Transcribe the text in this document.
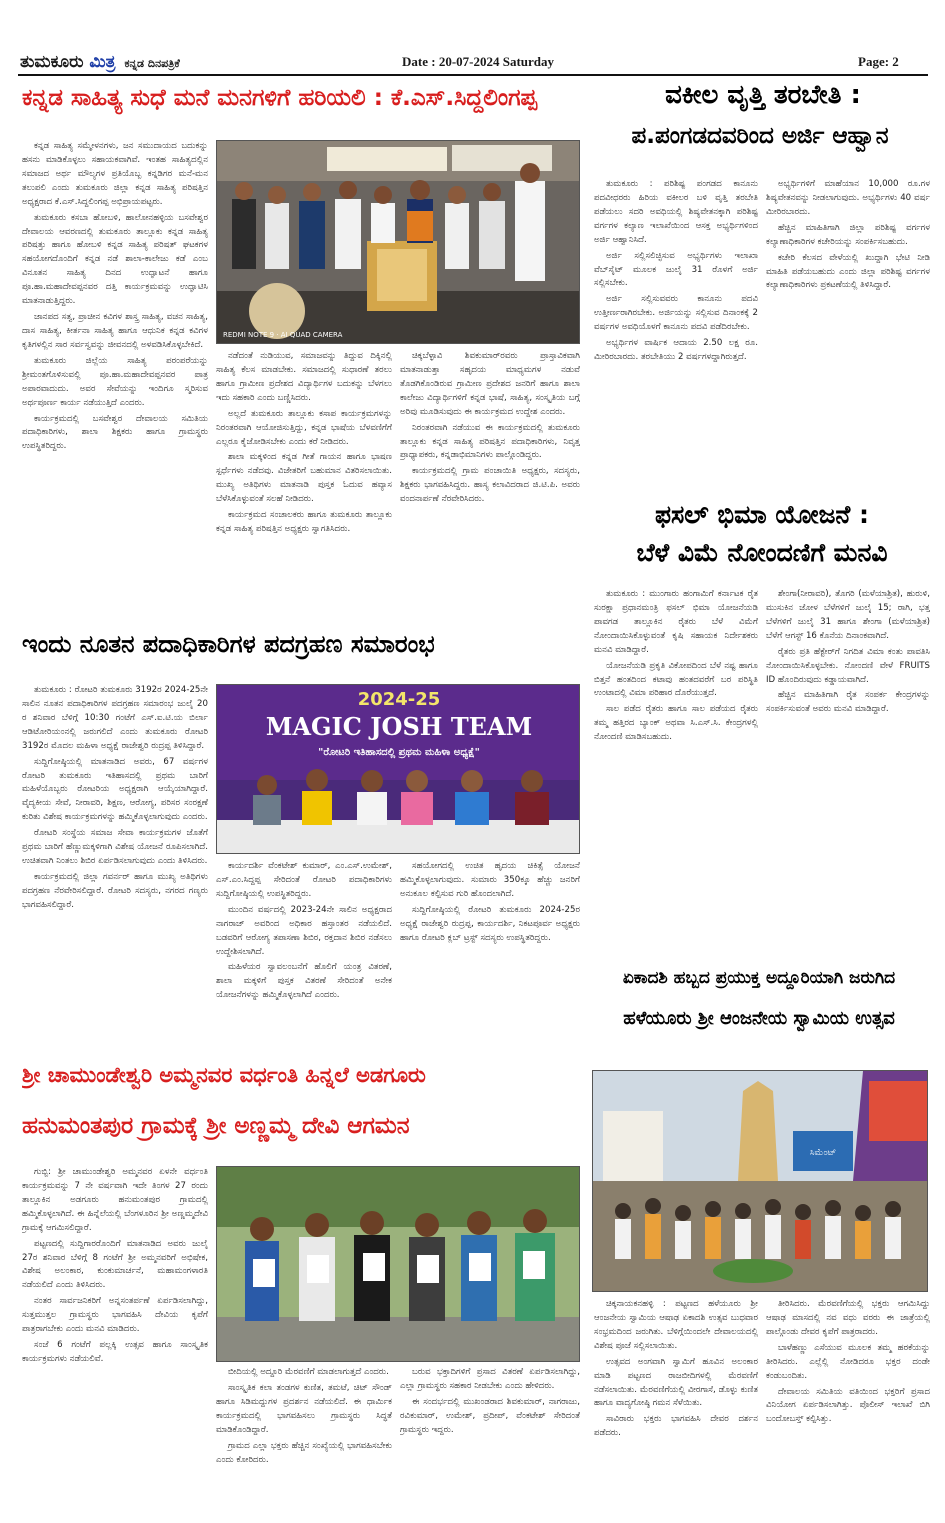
ತುಮಕೂರು ಮಿತ್ರ ಕನ್ನಡ ದಿನಪತ್ರಿಕೆ	Date : 20-07-2024 Saturday	Page: 2
ಕನ್ನಡ ಸಾಹಿತ್ಯ ಸುಧೆ ಮನೆ ಮನಗಳಿಗೆ ಹರಿಯಲಿ : ಕೆ.ಎಸ್.ಸಿದ್ದಲಿಂಗಪ್ಪ

ಕನ್ನಡ ಸಾಹಿತ್ಯ ಸಮ್ಮೇಳನಗಳು, ಜನ ಸಮುದಾಯದ ಬದುಕನ್ನು ಹಸನು ಮಾಡಿಕೊಳ್ಳಲು ಸಹಾಯಕವಾಗಿವೆ. ಇಂತಹ ಸಾಹಿತ್ಯದಲ್ಲಿನ ಸಮಾಜದ ಅರ್ಥ ಮೌಲ್ಯಗಳ ಪ್ರತಿಯೊಬ್ಬ ಕನ್ನಡಿಗರ ಮನೆ-ಮನ ತಲುಪಲಿ ಎಂದು ತುಮಕೂರು ಜಿಲ್ಲಾ ಕನ್ನಡ ಸಾಹಿತ್ಯ ಪರಿಷತ್ತಿನ ಅಧ್ಯಕ್ಷರಾದ ಕೆ.ಎಸ್.ಸಿದ್ದಲಿಂಗಪ್ಪ ಅಭಿಪ್ರಾಯಪಟ್ಟರು.

ತುಮಕೂರು ಕಸಬಾ ಹೋಬಳಿ, ಹಾಲೋನಹಳ್ಳಿಯ ಬಸವೇಶ್ವರ ದೇವಾಲಯ ಆವರಣದಲ್ಲಿ ತುಮಕೂರು ತಾಲ್ಲೂಕು ಕನ್ನಡ ಸಾಹಿತ್ಯ ಪರಿಷತ್ತು ಹಾಗೂ ಹೋಬಳಿ ಕನ್ನಡ ಸಾಹಿತ್ಯ ಪರಿಷತ್ ಘಟಕಗಳ ಸಹಯೋಗದೊಂದಿಗೆ ಕನ್ನಡ ನಡೆ ಶಾಲಾ-ಕಾಲೇಜು ಕಡೆ ಎಂಬ ವಿನೂತನ ಸಾಹಿತ್ಯ ದಿನದ ಉದ್ಘಾಟನೆ ಹಾಗೂ ಪೂ.ಹಾ.ಮಹಾದೇವಪ್ಪನವರ ದತ್ತಿ ಕಾರ್ಯಕ್ರಮವನ್ನು ಉದ್ಘಾಟಿಸಿ ಮಾತನಾಡುತ್ತಿದ್ದರು.

ಜಾನಪದ ಸತ್ವ, ಪ್ರಾಚೀನ ಕವಿಗಳ ಶಾಸ್ತ್ರ ಸಾಹಿತ್ಯ, ವಚನ ಸಾಹಿತ್ಯ, ದಾಸ ಸಾಹಿತ್ಯ, ಕೀರ್ತನಾ ಸಾಹಿತ್ಯ ಹಾಗೂ ಆಧುನಿಕ ಕನ್ನಡ ಕವಿಗಳ ಕೃತಿಗಳಲ್ಲಿನ ಸಾರ ಸರ್ವಸ್ವವನ್ನು ಜೀವನದಲ್ಲಿ ಅಳವಡಿಸಿಕೊಳ್ಳಬೇಕಿದೆ.

ತುಮಕೂರು ಜಿಲ್ಲೆಯ ಸಾಹಿತ್ಯ ಪರಂಪರೆಯನ್ನು ಶ್ರೀಮಂತಗೊಳಿಸುವಲ್ಲಿ ಪೂ.ಹಾ.ಮಹಾದೇವಪ್ಪನವರ ಪಾತ್ರ ಅಪಾರವಾದುದು. ಅವರ ಸೇವೆಯನ್ನು ಇಂದಿಗೂ ಸ್ಮರಿಸುವ ಅರ್ಥಪೂರ್ಣ ಕಾರ್ಯ ನಡೆಯುತ್ತಿದೆ ಎಂದರು.

ಕಾರ್ಯಕ್ರಮದಲ್ಲಿ ಬಸವೇಶ್ವರ ದೇವಾಲಯ ಸಮಿತಿಯ ಪದಾಧಿಕಾರಿಗಳು, ಶಾಲಾ ಶಿಕ್ಷಕರು ಹಾಗೂ ಗ್ರಾಮಸ್ಥರು ಉಪಸ್ಥಿತರಿದ್ದರು.

REDMI NOTE 9 · AI QUAD CAMERA

ನಡೆದಂತೆ ನುಡಿಯುವ, ಸಮಾಜವನ್ನು ತಿದ್ದುವ ದಿಕ್ಕಿನಲ್ಲಿ ಸಾಹಿತ್ಯ ಕೆಲಸ ಮಾಡಬೇಕು. ಸಮಾಜದಲ್ಲಿ ಸುಧಾರಣೆ ತರಲು ಹಾಗೂ ಗ್ರಾಮೀಣ ಪ್ರದೇಶದ ವಿದ್ಯಾರ್ಥಿಗಳ ಬದುಕನ್ನು ಬೆಳಗಲು ಇದು ಸಹಕಾರಿ ಎಂದು ಬಣ್ಣಿಸಿದರು.

ಅಲ್ಲದೆ ತುಮಕೂರು ತಾಲ್ಲೂಕು ಕಸಾಪ ಕಾರ್ಯಕ್ರಮಗಳನ್ನು ನಿರಂತರವಾಗಿ ಆಯೋಜಿಸುತ್ತಿದ್ದು, ಕನ್ನಡ ಭಾಷೆಯ ಬೆಳವಣಿಗೆಗೆ ಎಲ್ಲರೂ ಕೈಜೋಡಿಸಬೇಕು ಎಂದು ಕರೆ ನೀಡಿದರು.

ಶಾಲಾ ಮಕ್ಕಳಿಂದ ಕನ್ನಡ ಗೀತೆ ಗಾಯನ ಹಾಗೂ ಭಾಷಣ ಸ್ಪರ್ಧೆಗಳು ನಡೆದವು. ವಿಜೇತರಿಗೆ ಬಹುಮಾನ ವಿತರಿಸಲಾಯಿತು. ಮುಖ್ಯ ಅತಿಥಿಗಳು ಮಾತನಾಡಿ ಪುಸ್ತಕ ಓದುವ ಹವ್ಯಾಸ ಬೆಳೆಸಿಕೊಳ್ಳುವಂತೆ ಸಲಹೆ ನೀಡಿದರು.

ಕಾರ್ಯಕ್ರಮದ ಸಂಚಾಲಕರು ಹಾಗೂ ತುಮಕೂರು ತಾಲ್ಲೂಕು ಕನ್ನಡ ಸಾಹಿತ್ಯ ಪರಿಷತ್ತಿನ ಅಧ್ಯಕ್ಷರು ಸ್ವಾಗತಿಸಿದರು.

ಚಿಕ್ಕಬೆಳ್ಳಾವಿ ಶಿವಕುಮಾರ್‌ರವರು ಪ್ರಾಸ್ತಾವಿಕವಾಗಿ ಮಾತನಾಡುತ್ತಾ ಸಹೃದಯ ಮಾಧ್ಯಮಗಳ ನಡುವೆ ತೊಡಗಿಕೊಂಡಿರುವ ಗ್ರಾಮೀಣ ಪ್ರದೇಶದ ಜನರಿಗೆ ಹಾಗೂ ಶಾಲಾ ಕಾಲೇಜು ವಿದ್ಯಾರ್ಥಿಗಳಿಗೆ ಕನ್ನಡ ಭಾಷೆ, ಸಾಹಿತ್ಯ, ಸಂಸ್ಕೃತಿಯ ಬಗ್ಗೆ ಅರಿವು ಮೂಡಿಸುವುದು ಈ ಕಾರ್ಯಕ್ರಮದ ಉದ್ದೇಶ ಎಂದರು.

ನಿರಂತರವಾಗಿ ನಡೆಯುವ ಈ ಕಾರ್ಯಕ್ರಮದಲ್ಲಿ ತುಮಕೂರು ತಾಲ್ಲೂಕು ಕನ್ನಡ ಸಾಹಿತ್ಯ ಪರಿಷತ್ತಿನ ಪದಾಧಿಕಾರಿಗಳು, ನಿವೃತ್ತ ಪ್ರಾಧ್ಯಾಪಕರು, ಕನ್ನಡಾಭಿಮಾನಿಗಳು ಪಾಲ್ಗೊಂಡಿದ್ದರು.

ಕಾರ್ಯಕ್ರಮದಲ್ಲಿ ಗ್ರಾಮ ಪಂಚಾಯಿತಿ ಅಧ್ಯಕ್ಷರು, ಸದಸ್ಯರು, ಶಿಕ್ಷಕರು ಭಾಗವಹಿಸಿದ್ದರು. ಹಾಸ್ಯ ಕಲಾವಿದರಾದ ಜಿ.ಟಿ.ಪಿ. ಅವರು ವಂದನಾರ್ಪಣೆ ನೆರವೇರಿಸಿದರು.

ವಕೀಲ ವೃತ್ತಿ ತರಬೇತಿ :
ಪ.ಪಂಗಡದವರಿಂದ ಅರ್ಜಿ ಆಹ್ವಾನ

ತುಮಕೂರು : ಪರಿಶಿಷ್ಟ ಪಂಗಡದ ಕಾನೂನು ಪದವೀಧರರು ಹಿರಿಯ ವಕೀಲರ ಬಳಿ ವೃತ್ತಿ ತರಬೇತಿ ಪಡೆಯಲು ಸದರಿ ಅವಧಿಯಲ್ಲಿ ಶಿಷ್ಯವೇತನಕ್ಕಾಗಿ ಪರಿಶಿಷ್ಟ ವರ್ಗಗಳ ಕಲ್ಯಾಣ ಇಲಾಖೆಯಿಂದ ಆಸಕ್ತ ಅಭ್ಯರ್ಥಿಗಳಿಂದ ಅರ್ಜಿ ಆಹ್ವಾನಿಸಿದೆ.

ಅರ್ಜಿ ಸಲ್ಲಿಸಲಿಚ್ಛಿಸುವ ಅಭ್ಯರ್ಥಿಗಳು ಇಲಾಖಾ ವೆಬ್‌ಸೈಟ್ ಮೂಲಕ ಜುಲೈ 31 ರೊಳಗೆ ಅರ್ಜಿ ಸಲ್ಲಿಸಬೇಕು.

ಅರ್ಜಿ ಸಲ್ಲಿಸುವವರು ಕಾನೂನು ಪದವಿ ಉತ್ತೀರ್ಣರಾಗಿರಬೇಕು. ಅರ್ಜಿಯನ್ನು ಸಲ್ಲಿಸುವ ದಿನಾಂಕಕ್ಕೆ 2 ವರ್ಷಗಳ ಅವಧಿಯೊಳಗೆ ಕಾನೂನು ಪದವಿ ಪಡೆದಿರಬೇಕು.

ಅಭ್ಯರ್ಥಿಗಳ ವಾರ್ಷಿಕ ಆದಾಯ 2.50 ಲಕ್ಷ ರೂ. ಮೀರಿರಬಾರದು. ತರಬೇತಿಯು 2 ವರ್ಷಗಳದ್ದಾಗಿರುತ್ತದೆ.

ಅಭ್ಯರ್ಥಿಗಳಿಗೆ ಮಾಹೆಯಾನ 10,000 ರೂ.ಗಳ ಶಿಷ್ಯವೇತನವನ್ನು ನೀಡಲಾಗುವುದು. ಅಭ್ಯರ್ಥಿಗಳು 40 ವರ್ಷ ಮೀರಿರಬಾರದು.

ಹೆಚ್ಚಿನ ಮಾಹಿತಿಗಾಗಿ ಜಿಲ್ಲಾ ಪರಿಶಿಷ್ಟ ವರ್ಗಗಳ ಕಲ್ಯಾಣಾಧಿಕಾರಿಗಳ ಕಚೇರಿಯನ್ನು ಸಂಪರ್ಕಿಸಬಹುದು.

ಕಚೇರಿ ಕೆಲಸದ ವೇಳೆಯಲ್ಲಿ ಖುದ್ದಾಗಿ ಭೇಟಿ ನೀಡಿ ಮಾಹಿತಿ ಪಡೆಯಬಹುದು ಎಂದು ಜಿಲ್ಲಾ ಪರಿಶಿಷ್ಟ ವರ್ಗಗಳ ಕಲ್ಯಾಣಾಧಿಕಾರಿಗಳು ಪ್ರಕಟಣೆಯಲ್ಲಿ ತಿಳಿಸಿದ್ದಾರೆ.

ಫಸಲ್ ಭಿಮಾ ಯೋಜನೆ :
ಬೆಳೆ ವಿಮೆ ನೋಂದಣಿಗೆ ಮನವಿ

ತುಮಕೂರು : ಮುಂಗಾರು ಹಂಗಾಮಿಗೆ ಕರ್ನಾಟಕ ರೈತ ಸುರಕ್ಷಾ ಪ್ರಧಾನಮಂತ್ರಿ ಫಸಲ್ ಭಿಮಾ ಯೋಜನೆಯಡಿ ಪಾವಗಡ ತಾಲ್ಲೂಕಿನ ರೈತರು ಬೆಳೆ ವಿಮೆಗೆ ನೋಂದಾಯಿಸಿಕೊಳ್ಳುವಂತೆ ಕೃಷಿ ಸಹಾಯಕ ನಿರ್ದೇಶಕರು ಮನವಿ ಮಾಡಿದ್ದಾರೆ.

ಯೋಜನೆಯಡಿ ಪ್ರಕೃತಿ ವಿಕೋಪದಿಂದ ಬೆಳೆ ನಷ್ಟ ಹಾಗೂ ಬಿತ್ತನೆ ಹಂತದಿಂದ ಕಟಾವು ಹಂತದವರೆಗೆ ಬರ ಪರಿಸ್ಥಿತಿ ಉಂಟಾದಲ್ಲಿ ವಿಮಾ ಪರಿಹಾರ ದೊರೆಯುತ್ತದೆ.

ಸಾಲ ಪಡೆದ ರೈತರು ಹಾಗೂ ಸಾಲ ಪಡೆಯದ ರೈತರು ತಮ್ಮ ಹತ್ತಿರದ ಬ್ಯಾಂಕ್ ಅಥವಾ ಸಿ.ಎಸ್.ಸಿ. ಕೇಂದ್ರಗಳಲ್ಲಿ ನೋಂದಣಿ ಮಾಡಿಸಬಹುದು.

ಶೇಂಗಾ(ನೀರಾವರಿ), ತೊಗರಿ (ಮಳೆಯಾಶ್ರಿತ), ಹುರುಳಿ, ಮುಸುಕಿನ ಜೋಳ ಬೆಳೆಗಳಿಗೆ ಜುಲೈ 15; ರಾಗಿ, ಭತ್ತ ಬೆಳೆಗಳಿಗೆ ಜುಲೈ 31 ಹಾಗೂ ಶೇಂಗಾ (ಮಳೆಯಾಶ್ರಿತ) ಬೆಳೆಗೆ ಆಗಸ್ಟ್ 16 ಕೊನೆಯ ದಿನಾಂಕವಾಗಿದೆ.

ರೈತರು ಪ್ರತಿ ಹೆಕ್ಟೇರ್‌ಗೆ ನಿಗದಿತ ವಿಮಾ ಕಂತು ಪಾವತಿಸಿ ನೋಂದಾಯಿಸಿಕೊಳ್ಳಬೇಕು. ನೋಂದಣಿ ವೇಳೆ FRUITS ID ಹೊಂದಿರುವುದು ಕಡ್ಡಾಯವಾಗಿದೆ.

ಹೆಚ್ಚಿನ ಮಾಹಿತಿಗಾಗಿ ರೈತ ಸಂಪರ್ಕ ಕೇಂದ್ರಗಳನ್ನು ಸಂಪರ್ಕಿಸುವಂತೆ ಅವರು ಮನವಿ ಮಾಡಿದ್ದಾರೆ.

ಇಂದು ನೂತನ ಪದಾಧಿಕಾರಿಗಳ ಪದಗ್ರಹಣ ಸಮಾರಂಭ

ತುಮಕೂರು : ರೋಟರಿ ತುಮಕೂರು 3192ರ 2024-25ನೇ ಸಾಲಿನ ನೂತನ ಪದಾಧಿಕಾರಿಗಳ ಪದಗ್ರಹಣ ಸಮಾರಂಭ ಜುಲೈ 20 ರ ಶನಿವಾರ ಬೆಳಿಗ್ಗೆ 10:30 ಗಂಟೆಗೆ ಎಸ್.ಐ.ಟಿ.ಯ ಬಿರ್ಲಾ ಆಡಿಟೋರಿಯಂನಲ್ಲಿ ಜರುಗಲಿದೆ ಎಂದು ತುಮಕೂರು ರೋಟರಿ 3192ರ ಮೊದಲ ಮಹಿಳಾ ಅಧ್ಯಕ್ಷೆ ರಾಜೇಶ್ವರಿ ರುದ್ರಪ್ಪ ತಿಳಿಸಿದ್ದಾರೆ.

ಸುದ್ದಿಗೋಷ್ಠಿಯಲ್ಲಿ ಮಾತನಾಡಿದ ಅವರು, 67 ವರ್ಷಗಳ ರೋಟರಿ ತುಮಕೂರು ಇತಿಹಾಸದಲ್ಲಿ ಪ್ರಥಮ ಬಾರಿಗೆ ಮಹಿಳೆಯೊಬ್ಬರು ರೋಟರಿಯ ಅಧ್ಯಕ್ಷರಾಗಿ ಆಯ್ಕೆಯಾಗಿದ್ದಾರೆ. ವೈದ್ಯಕೀಯ ಸೇವೆ, ನೀರಾವರಿ, ಶಿಕ್ಷಣ, ಆರೋಗ್ಯ, ಪರಿಸರ ಸಂರಕ್ಷಣೆ ಕುರಿತು ವಿಶೇಷ ಕಾರ್ಯಕ್ರಮಗಳನ್ನು ಹಮ್ಮಿಕೊಳ್ಳಲಾಗುವುದು ಎಂದರು.

ರೋಟರಿ ಸಂಸ್ಥೆಯ ಸಮಾಜ ಸೇವಾ ಕಾರ್ಯಕ್ರಮಗಳ ಜೊತೆಗೆ ಪ್ರಥಮ ಬಾರಿಗೆ ಹೆಣ್ಣುಮಕ್ಕಳಿಗಾಗಿ ವಿಶೇಷ ಯೋಜನೆ ರೂಪಿಸಲಾಗಿದೆ. ಉಚಿತವಾಗಿ ನಿಂತಲು ಶಿಬಿರ ಏರ್ಪಡಿಸಲಾಗುವುದು ಎಂದು ತಿಳಿಸಿದರು.

ಕಾರ್ಯಕ್ರಮದಲ್ಲಿ ಜಿಲ್ಲಾ ಗವರ್ನರ್ ಹಾಗೂ ಮುಖ್ಯ ಅತಿಥಿಗಳು ಪದಗ್ರಹಣ ನೆರವೇರಿಸಲಿದ್ದಾರೆ. ರೋಟರಿ ಸದಸ್ಯರು, ನಗರದ ಗಣ್ಯರು ಭಾಗವಹಿಸಲಿದ್ದಾರೆ.

2024-25
MAGIC JOSH TEAM
"ರೋಟರಿ ಇತಿಹಾಸದಲ್ಲಿ ಪ್ರಥಮ ಮಹಿಳಾ ಅಧ್ಯಕ್ಷೆ"

ಕಾರ್ಯದರ್ಶಿ ವೆಂಕಟೇಶ್ ಕುಮಾರ್, ಎಂ.ಎಸ್.ಉಮೇಶ್, ಎಸ್.ಎಂ.ಸಿದ್ದಪ್ಪ ಸೇರಿದಂತೆ ರೋಟರಿ ಪದಾಧಿಕಾರಿಗಳು ಸುದ್ದಿಗೋಷ್ಠಿಯಲ್ಲಿ ಉಪಸ್ಥಿತರಿದ್ದರು.

ಮುಂದಿನ ವರ್ಷದಲ್ಲಿ 2023-24ನೇ ಸಾಲಿನ ಅಧ್ಯಕ್ಷರಾದ ನಾಗರಾಜ್ ಅವರಿಂದ ಅಧಿಕಾರ ಹಸ್ತಾಂತರ ನಡೆಯಲಿದೆ. ಬಡವರಿಗೆ ಆರೋಗ್ಯ ತಪಾಸಣಾ ಶಿಬಿರ, ರಕ್ತದಾನ ಶಿಬಿರ ನಡೆಸಲು ಉದ್ದೇಶಿಸಲಾಗಿದೆ.

ಮಹಿಳೆಯರ ಸ್ವಾವಲಂಬನೆಗೆ ಹೊಲಿಗೆ ಯಂತ್ರ ವಿತರಣೆ, ಶಾಲಾ ಮಕ್ಕಳಿಗೆ ಪುಸ್ತಕ ವಿತರಣೆ ಸೇರಿದಂತೆ ಅನೇಕ ಯೋಜನೆಗಳನ್ನು ಹಮ್ಮಿಕೊಳ್ಳಲಾಗಿದೆ ಎಂದರು.

ಸಹಯೋಗದಲ್ಲಿ ಉಚಿತ ಹೃದಯ ಚಿಕಿತ್ಸೆ ಯೋಜನೆ ಹಮ್ಮಿಕೊಳ್ಳಲಾಗುವುದು. ಸುಮಾರು 350ಕ್ಕೂ ಹೆಚ್ಚು ಜನರಿಗೆ ಅನುಕೂಲ ಕಲ್ಪಿಸುವ ಗುರಿ ಹೊಂದಲಾಗಿದೆ.

ಸುದ್ದಿಗೋಷ್ಠಿಯಲ್ಲಿ ರೋಟರಿ ತುಮಕೂರು 2024-25ರ ಅಧ್ಯಕ್ಷೆ ರಾಜೇಶ್ವರಿ ರುದ್ರಪ್ಪ, ಕಾರ್ಯದರ್ಶಿ, ನಿಕಟಪೂರ್ವ ಅಧ್ಯಕ್ಷರು ಹಾಗೂ ರೋಟರಿ ಕ್ಲಬ್ ಟ್ರಸ್ಟ್ ಸದಸ್ಯರು ಉಪಸ್ಥಿತರಿದ್ದರು.

ಏಕಾದಶಿ ಹಬ್ಬದ ಪ್ರಯುಕ್ತ ಅದ್ದೂರಿಯಾಗಿ ಜರುಗಿದ
ಹಳೆಯೂರು ಶ್ರೀ ಆಂಜನೇಯ ಸ್ವಾಮಿಯ ಉತ್ಸವ
ಸಿಮೆಂಟ್

ಚಿಕ್ಕನಾಯಕನಹಳ್ಳಿ : ಪಟ್ಟಣದ ಹಳೆಯೂರು ಶ್ರೀ ಆಂಜನೇಯ ಸ್ವಾಮಿಯ ಆಷಾಢ ಏಕಾದಶಿ ಉತ್ಸವ ಬುಧವಾರ ಸಂಭ್ರಮದಿಂದ ಜರುಗಿತು. ಬೆಳಿಗ್ಗೆಯಿಂದಲೇ ದೇವಾಲಯದಲ್ಲಿ ವಿಶೇಷ ಪೂಜೆ ಸಲ್ಲಿಸಲಾಯಿತು.

ಉತ್ಸವದ ಅಂಗವಾಗಿ ಸ್ವಾಮಿಗೆ ಹೂವಿನ ಅಲಂಕಾರ ಮಾಡಿ ಪಟ್ಟಣದ ರಾಜಬೀದಿಗಳಲ್ಲಿ ಮೆರವಣಿಗೆ ನಡೆಸಲಾಯಿತು. ಮೆರವಣಿಗೆಯಲ್ಲಿ ವೀರಗಾಸೆ, ಡೊಳ್ಳು ಕುಣಿತ ಹಾಗೂ ವಾದ್ಯಗೋಷ್ಠಿ ಗಮನ ಸೆಳೆಯಿತು.

ಸಾವಿರಾರು ಭಕ್ತರು ಭಾಗವಹಿಸಿ ದೇವರ ದರ್ಶನ ಪಡೆದರು.

ತೀರಿಸಿದರು. ಮೆರವಣಿಗೆಯಲ್ಲಿ ಭಕ್ತರು ಆಗಮಿಸಿದ್ದು ಆಷಾಢ ಮಾಸದಲ್ಲಿ ನವ ವಧು ವರರು ಈ ಜಾತ್ರೆಯಲ್ಲಿ ಪಾಲ್ಗೊಂಡು ದೇವರ ಕೃಪೆಗೆ ಪಾತ್ರರಾದರು.

ಬಾಳೆಹಣ್ಣು ಎಸೆಯುವ ಮೂಲಕ ತಮ್ಮ ಹರಕೆಯನ್ನು ತೀರಿಸಿದರು. ಎಲ್ಲೆಲ್ಲಿ ನೋಡಿದರೂ ಭಕ್ತರ ದಂಡೇ ಕಂಡುಬಂದಿತು.

ದೇವಾಲಯ ಸಮಿತಿಯ ವತಿಯಿಂದ ಭಕ್ತರಿಗೆ ಪ್ರಸಾದ ವಿನಿಯೋಗ ಏರ್ಪಡಿಸಲಾಗಿತ್ತು. ಪೊಲೀಸ್ ಇಲಾಖೆ ಬಿಗಿ ಬಂದೋಬಸ್ತ್ ಕಲ್ಪಿಸಿತ್ತು.

ಶ್ರೀ ಚಾಮುಂಡೇಶ್ವರಿ ಅಮ್ಮನವರ ವರ್ಧಂತಿ ಹಿನ್ನಲೆ ಅಡಗೂರು
ಹನುಮಂತಪುರ ಗ್ರಾಮಕ್ಕೆ ಶ್ರೀ ಅಣ್ಣಮ್ಮ ದೇವಿ ಆಗಮನ

ಗುಬ್ಬಿ: ಶ್ರೀ ಚಾಮುಂಡೇಶ್ವರಿ ಅಮ್ಮನವರ ಏಳನೇ ವರ್ಧಂತಿ ಕಾರ್ಯಕ್ರಮವನ್ನು 7 ನೇ ವರ್ಷವಾಗಿ ಇದೇ ತಿಂಗಳ 27 ರಂದು ತಾಲ್ಲೂಕಿನ ಅಡಗೂರು ಹನುಮಂತಪುರ ಗ್ರಾಮದಲ್ಲಿ ಹಮ್ಮಿಕೊಳ್ಳಲಾಗಿದೆ. ಈ ಹಿನ್ನೆಲೆಯಲ್ಲಿ ಬೆಂಗಳೂರಿನ ಶ್ರೀ ಅಣ್ಣಮ್ಮದೇವಿ ಗ್ರಾಮಕ್ಕೆ ಆಗಮಿಸಲಿದ್ದಾರೆ.

ಪಟ್ಟಣದಲ್ಲಿ ಸುದ್ದಿಗಾರರೊಂದಿಗೆ ಮಾತನಾಡಿದ ಅವರು ಜುಲೈ 27ರ ಶನಿವಾರ ಬೆಳಿಗ್ಗೆ 8 ಗಂಟೆಗೆ ಶ್ರೀ ಅಮ್ಮನವರಿಗೆ ಅಭಿಷೇಕ, ವಿಶೇಷ ಅಲಂಕಾರ, ಕುಂಕುಮಾರ್ಚನೆ, ಮಹಾಮಂಗಳಾರತಿ ನಡೆಯಲಿದೆ ಎಂದು ತಿಳಿಸಿದರು.

ನಂತರ ಸಾರ್ವಜನಿಕರಿಗೆ ಅನ್ನಸಂತರ್ಪಣೆ ಏರ್ಪಡಿಸಲಾಗಿದ್ದು, ಸುತ್ತಮುತ್ತಲ ಗ್ರಾಮಸ್ಥರು ಭಾಗವಹಿಸಿ ದೇವಿಯ ಕೃಪೆಗೆ ಪಾತ್ರರಾಗಬೇಕು ಎಂದು ಮನವಿ ಮಾಡಿದರು.

ಸಂಜೆ 6 ಗಂಟೆಗೆ ಪಲ್ಲಕ್ಕಿ ಉತ್ಸವ ಹಾಗೂ ಸಾಂಸ್ಕೃತಿಕ ಕಾರ್ಯಕ್ರಮಗಳು ನಡೆಯಲಿವೆ.

ಬೀದಿಯಲ್ಲಿ ಅದ್ದೂರಿ ಮೆರವಣಿಗೆ ಮಾಡಲಾಗುತ್ತದೆ ಎಂದರು.

ಸಾಂಸ್ಕೃತಿಕ ಕಲಾ ತಂಡಗಳ ಕುಣಿತ, ತಮಟೆ, ಚಿಟ್ ಸೌಂಡ್ ಹಾಗೂ ಸಿಡಿಮದ್ದುಗಳ ಪ್ರದರ್ಶನ ನಡೆಯಲಿದೆ. ಈ ಧಾರ್ಮಿಕ ಕಾರ್ಯಕ್ರಮದಲ್ಲಿ ಭಾಗವಹಿಸಲು ಗ್ರಾಮಸ್ಥರು ಸಿದ್ಧತೆ ಮಾಡಿಕೊಂಡಿದ್ದಾರೆ.

ಗ್ರಾಮದ ಎಲ್ಲಾ ಭಕ್ತರು ಹೆಚ್ಚಿನ ಸಂಖ್ಯೆಯಲ್ಲಿ ಭಾಗವಹಿಸಬೇಕು ಎಂದು ಕೋರಿದರು.

ಬರುವ ಭಕ್ತಾದಿಗಳಿಗೆ ಪ್ರಸಾದ ವಿತರಣೆ ಏರ್ಪಡಿಸಲಾಗಿದ್ದು, ಎಲ್ಲಾ ಗ್ರಾಮಸ್ಥರು ಸಹಕಾರ ನೀಡಬೇಕು ಎಂದು ಹೇಳಿದರು.

ಈ ಸಂದರ್ಭದಲ್ಲಿ ಮುಖಂಡರಾದ ಶಿವಕುಮಾರ್, ನಾಗರಾಜು, ರವಿಕುಮಾರ್, ಉಮೇಶ್, ಪ್ರದೀಪ್, ವೆಂಕಟೇಶ್ ಸೇರಿದಂತೆ ಗ್ರಾಮಸ್ಥರು ಇದ್ದರು.
